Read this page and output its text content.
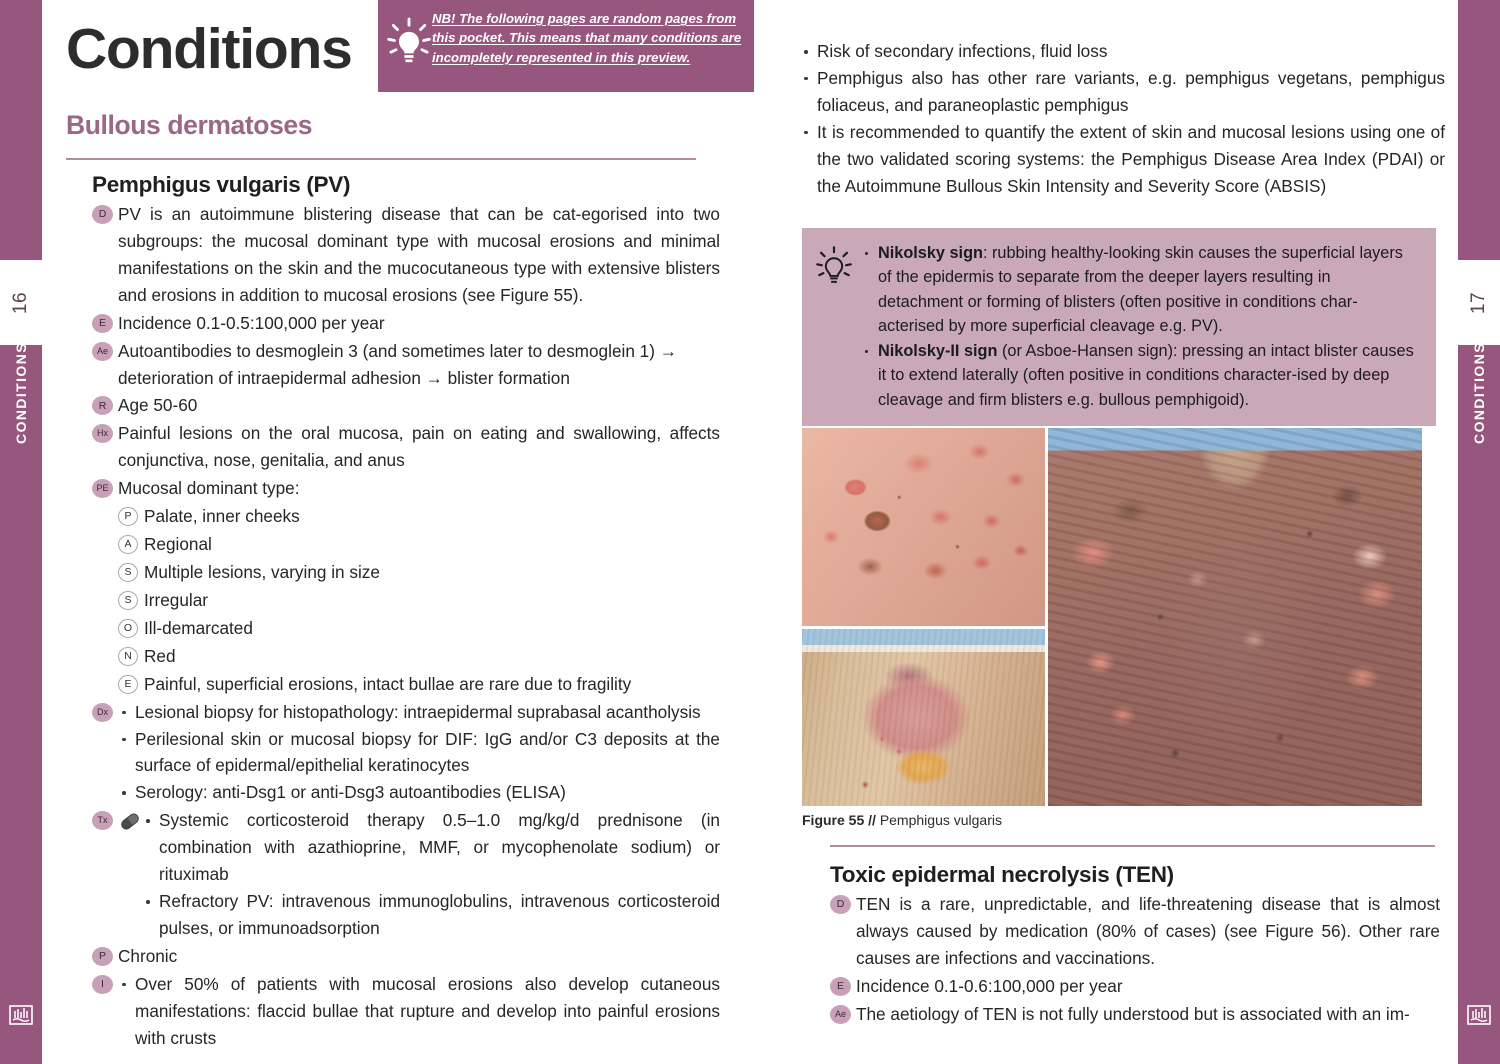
16
CONDITIONS
17
CONDITIONS
Conditions	NB! The following pages are random pages from this pocket. This means that many conditions are incompletely represented in this preview.
Bullous dermatoses
Pemphigus vulgaris (PV)
D PV is an autoimmune blistering disease that can be cat-egorised into two subgroups: the mucosal dominant type with mucosal erosions and minimal manifestations on the skin and the mucocutaneous type with extensive blisters and erosions in addition to mucosal erosions (see Figure 55).
E Incidence 0.1-0.5:100,000 per year
Ae Autoantibodies to desmoglein 3 (and sometimes later to desmoglein 1) → deterioration of intraepidermal adhesion → blister formation
R Age 50-60
Hx Painful lesions on the oral mucosa, pain on eating and swallowing, affects conjunctiva, nose, genitalia, and anus
PE Mucosal dominant type:
P Palate, inner cheeks
A Regional
S Multiple lesions, varying in size
S Irregular
O Ill-demarcated
N Red
E Painful, superficial erosions, intact bullae are rare due to fragility
Dx	Lesional biopsy for histopathology: intraepidermal suprabasal acantholysis
Perilesional skin or mucosal biopsy for DIF: IgG and/or C3 deposits at the surface of epidermal/epithelial keratinocytes
Serology: anti-Dsg1 or anti-Dsg3 autoantibodies (ELISA)
Tx	Systemic corticosteroid therapy 0.5–1.0 mg/kg/d prednisone (in combination with azathioprine, MMF, or mycophenolate sodium) or rituximab
Refractory PV: intravenous immunoglobulins, intravenous corticosteroid pulses, or immunoadsorption
P Chronic
I	Over 50% of patients with mucosal erosions also develop cutaneous manifestations: flaccid bullae that rupture and develop into painful erosions with crusts
Risk of secondary infections, fluid loss
Pemphigus also has other rare variants, e.g. pemphigus vegetans, pemphigus foliaceus, and paraneoplastic pemphigus
It is recommended to quantify the extent of skin and mucosal lesions using one of the two validated scoring systems: the Pemphigus Disease Area Index (PDAI) or the Autoimmune Bullous Skin Intensity and Severity Score (ABSIS)
Nikolsky sign: rubbing healthy-looking skin causes the superficial layers of the epidermis to separate from the deeper layers resulting in detachment or forming of blisters (often positive in conditions char-acterised by more superficial cleavage e.g. PV).
Nikolsky-II sign (or Asboe-Hansen sign): pressing an intact blister causes it to extend laterally (often positive in conditions character-ised by deep cleavage and firm blisters e.g. bullous pemphigoid).
Figure 55 // Pemphigus vulgaris
Toxic epidermal necrolysis (TEN)
D TEN is a rare, unpredictable, and life-threatening disease that is almost always caused by medication (80% of cases) (see Figure 56). Other rare causes are infections and vaccinations.
E Incidence 0.1-0.6:100,000 per year
Ae The aetiology of TEN is not fully understood but is associated with an im-
